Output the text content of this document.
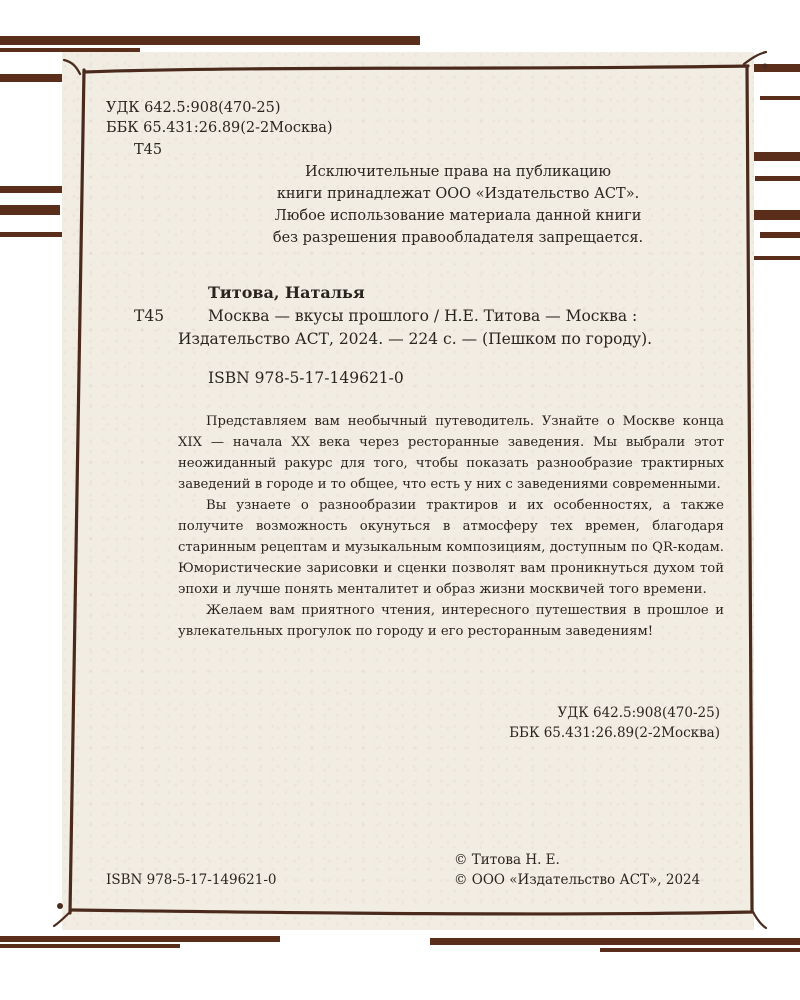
УДК 642.5:908(470-25)

ББК 65.431:26.89(2-2Москва)

Т45

Исключительные права на публикацию

книги принадлежат ООО «Издательство АСТ».

Любое использование материала данной книги

без разрешения правообладателя запрещается.

Титова, Наталья

Т45	Москва — вкусы прошлого / Н.Е. Титова — Москва :

Издательство АСТ, 2024. — 224 с. — (Пешком по городу).

ISBN 978-5-17-149621-0

Представляем вам необычный путеводитель. Узнайте о Москве конца XIX — начала XX века через ресторанные заведения. Мы выбрали этот неожиданный ракурс для того, чтобы показать разнообразие трактирных заведений в городе и то общее, что есть у них с заведениями современными.

Вы узнаете о разнообразии трактиров и их особенностях, а также получите возможность окунуться в атмосферу тех времен, благодаря старинным рецептам и музыкальным композициям, доступным по QR-кодам. Юмористические зарисовки и сценки позволят вам проникнуться духом той эпохи и лучше понять менталитет и образ жизни москвичей того времени.

Желаем вам приятного чтения, интересного путешествия в прошлое и увлекательных прогулок по городу и его ресторанным заведениям!

УДК 642.5:908(470-25)

ББК 65.431:26.89(2-2Москва)

© Титова Н. Е.

ISBN 978-5-17-149621-0	© ООО «Издательство АСТ», 2024
